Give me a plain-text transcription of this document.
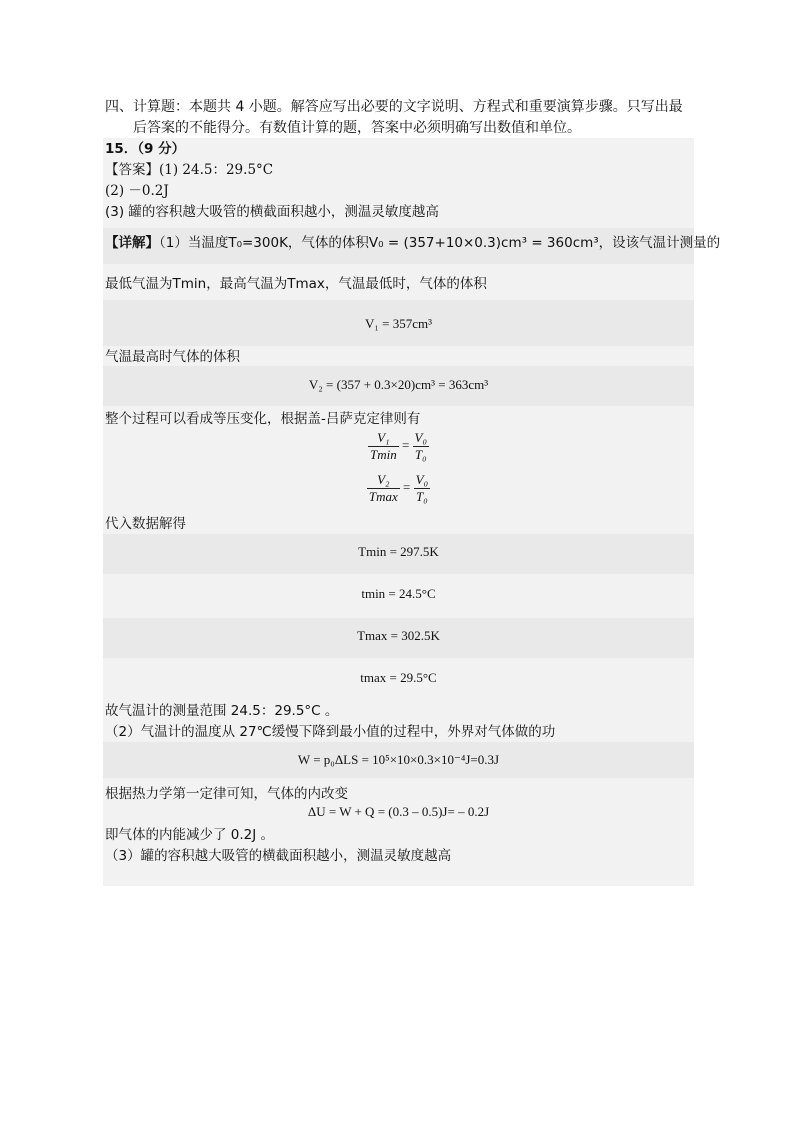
四、计算题：本题共 4 小题。解答应写出必要的文字说明、方程式和重要演算步骤。只写出最
后答案的不能得分。有数值计算的题，答案中必须明确写出数值和单位。
15．（9 分）
【答案】(1) 24.5：29.5°C
(2) －0.2J
(3) 罐的容积越大吸管的横截面积越小，测温灵敏度越高
【详解】（1）当温度T₀=300K，气体的体积V₀ = (357+10×0.3)cm³ = 360cm³，设该气温计测量的
最低气温为Tmin，最高气温为Tmax，气温最低时，气体的体积
V₁ = 357cm³
气温最高时气体的体积
V₂ = (357 + 0.3×20)cm³ = 363cm³
整个过程可以看成等压变化，根据盖-吕萨克定律则有
$\frac{\text{V₁}}{Tmin} = \frac{\text{V₀}}{\text{T₀}}$
$\frac{\text{V₂}}{Tmax} = \frac{\text{V₀}}{\text{T₀}}$
代入数据解得
Tmin = 297.5K
tmin = 24.5°C
Tmax = 302.5K
tmax = 29.5°C
故气温计的测量范围 24.5：29.5°C 。
（2）气温计的温度从 27℃缓慢下降到最小值的过程中，外界对气体做的功
W = p₀ΔLS = 10⁵×10×0.3×10⁻⁴J=0.3J
根据热力学第一定律可知，气体的内改变
ΔU = W + Q = (0.3 – 0.5)J= – 0.2J
即气体的内能减少了 0.2J 。
（3）罐的容积越大吸管的横截面积越小，测温灵敏度越高
